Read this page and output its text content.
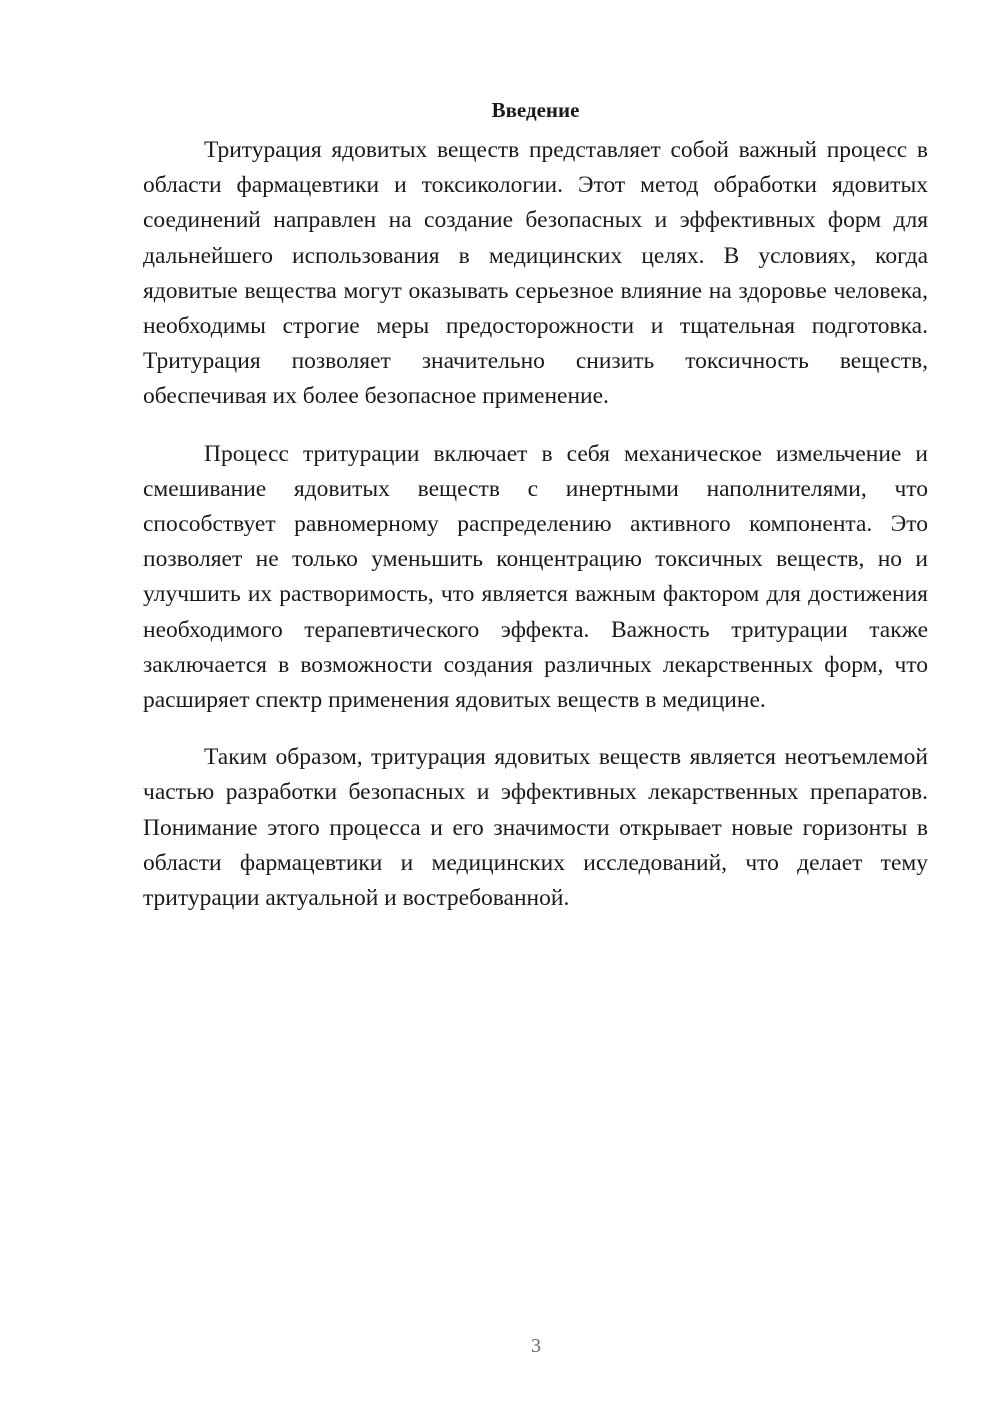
Введение

Тритурация ядовитых веществ представляет собой важный процесс в области фармацевтики и токсикологии. Этот метод обработки ядовитых соединений направлен на создание безопасных и эффективных форм для дальнейшего использования в медицинских целях. В условиях, когда ядовитые вещества могут оказывать серьезное влияние на здоровье человека, необходимы строгие меры предосторожности и тщательная подготовка. Тритурация позволяет значительно снизить токсичность веществ, обеспечивая их более безопасное применение.

Процесс тритурации включает в себя механическое измельчение и смешивание ядовитых веществ с инертными наполнителями, что способствует равномерному распределению активного компонента. Это позволяет не только уменьшить концентрацию токсичных веществ, но и улучшить их растворимость, что является важным фактором для достижения необходимого терапевтического эффекта. Важность тритурации также заключается в возможности создания различных лекарственных форм, что расширяет спектр применения ядовитых веществ в медицине.

Таким образом, тритурация ядовитых веществ является неотъемлемой частью разработки безопасных и эффективных лекарственных препаратов. Понимание этого процесса и его значимости открывает новые горизонты в области фармацевтики и медицинских исследований, что делает тему тритурации актуальной и востребованной.

3
